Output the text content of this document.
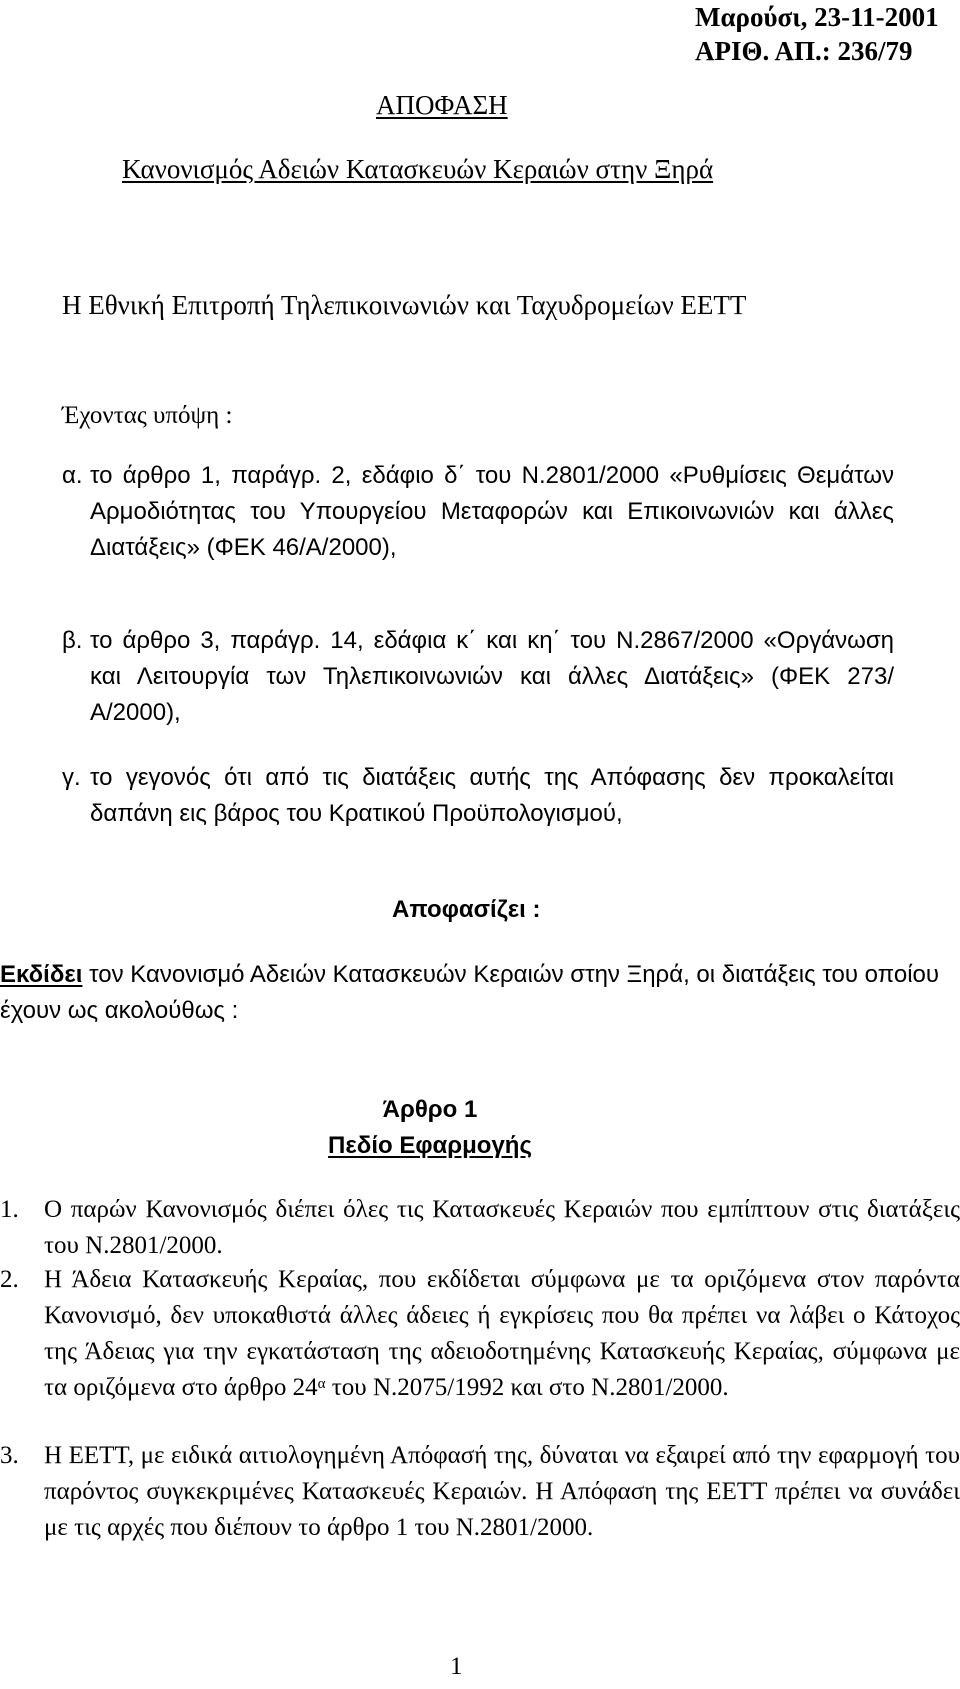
Μαρούσι, 23-11-2001
ΑΡΙΘ. ΑΠ.: 236/79
ΑΠΟΦΑΣΗ
Κανονισμός Αδειών Κατασκευών Κεραιών στην Ξηρά
Η Εθνική Επιτροπή Τηλεπικοινωνιών και Ταχυδρομείων ΕΕΤΤ
Έχοντας υπόψη :
α. το άρθρο 1, παράγρ. 2, εδάφιο δ΄ του Ν.2801/2000 «Ρυθμίσεις Θεμάτων Αρμοδιότητας του Υπουργείου Μεταφορών και Επικοινωνιών και άλλες Διατάξεις» (ΦΕΚ 46/Α/2000),
β. το άρθρο 3, παράγρ. 14, εδάφια κ΄ και κη΄ του Ν.2867/2000 «Οργάνωση και Λειτουργία των Τηλεπικοινωνιών και άλλες Διατάξεις» (ΦΕΚ 273/Α/2000),
γ. το γεγονός ότι από τις διατάξεις αυτής της Απόφασης δεν προκαλείται δαπάνη εις βάρος του Κρατικού Προϋπολογισμού,
Αποφασίζει :
Εκδίδει τον Κανονισμό Αδειών Κατασκευών Κεραιών στην Ξηρά, οι διατάξεις του οποίου έχουν ως ακολούθως :
Άρθρο 1
Πεδίο Εφαρμογής
1. Ο παρών Κανονισμός διέπει όλες τις Κατασκευές Κεραιών που εμπίπτουν στις διατάξεις του Ν.2801/2000.
2. Η Άδεια Κατασκευής Κεραίας, που εκδίδεται σύμφωνα με τα οριζόμενα στον παρόντα Κανονισμό, δεν υποκαθιστά άλλες άδειες ή εγκρίσεις που θα πρέπει να λάβει ο Κάτοχος της Άδειας για την εγκατάσταση της αδειοδοτημένης Κατασκευής Κεραίας, σύμφωνα με τα οριζόμενα στο άρθρο $24^\alpha$ του Ν.2075/1992 και στο Ν.2801/2000.
3. Η ΕΕΤΤ, με ειδικά αιτιολογημένη Απόφασή της, δύναται να εξαιρεί από την εφαρμογή του παρόντος συγκεκριμένες Κατασκευές Κεραιών. Η Απόφαση της ΕΕΤΤ πρέπει να συνάδει με τις αρχές που διέπουν το άρθρο 1 του Ν.2801/2000.
1
